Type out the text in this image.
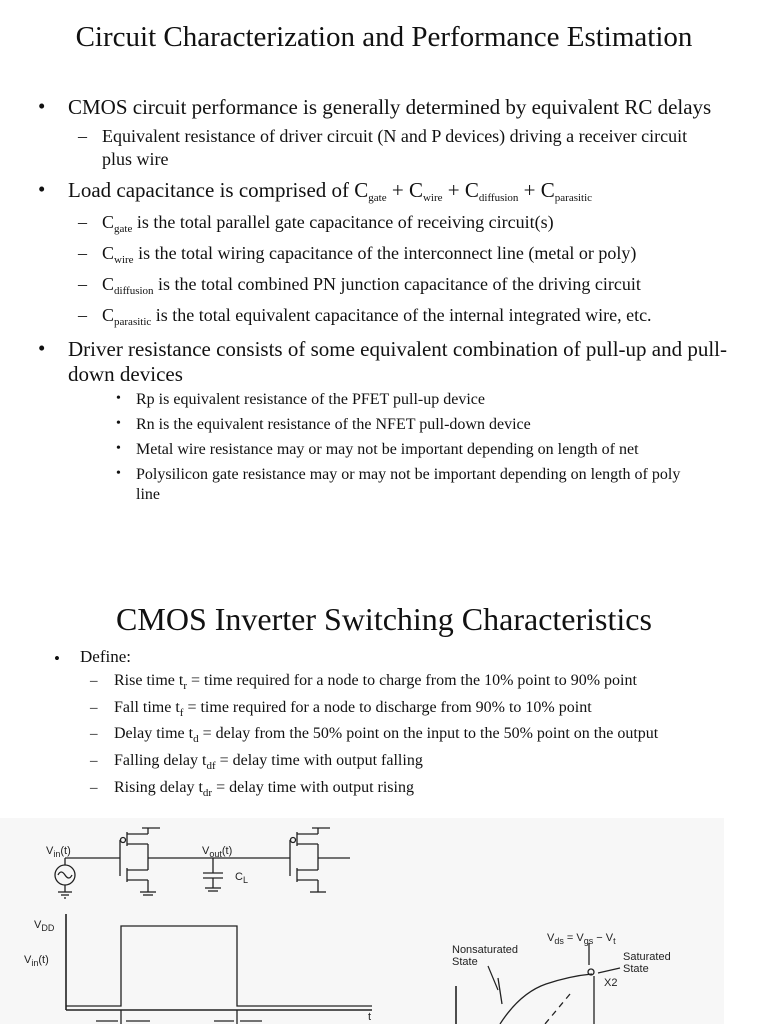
Circuit Characterization and Performance Estimation
• CMOS circuit performance is generally determined by equivalent RC delays
– Equivalent resistance of driver circuit (N and P devices) driving a receiver circuit
plus wire
• Load capacitance is comprised of $C_{gate} + C_{wire} + C_{diffusion} + C_{parasitic}$
– $C_{gate}$ is the total parallel gate capacitance of receiving circuit(s)
– $C_{wire}$ is the total wiring capacitance of the interconnect line (metal or poly)
– $C_{diffusion}$ is the total combined PN junction capacitance of the driving circuit
– $C_{parasitic}$ is the total equivalent capacitance of the internal integrated wire, etc.
• Driver resistance consists of some equivalent combination of pull-up and pull-
down devices
• Rp is equivalent resistance of the PFET pull-up device
• Rn is the equivalent resistance of the NFET pull-down device
• Metal wire resistance may or may not be important depending on length of net
• Polysilicon gate resistance may or may not be important depending on length of poly
line
CMOS Inverter Switching Characteristics
• Define:
– Rise time $t_r$ = time required for a node to charge from the 10% point to 90% point
– Fall time $t_f$ = time required for a node to discharge from 90% to 10% point
– Delay time $t_d$ = delay from the 50% point on the input to the 50% point on the output
– Falling delay $t_{df}$ = delay time with output falling
– Rising delay $t_{dr}$ = delay time with output rising
$V_{in}(t)$	$V_{out}(t)$
$C_L$
$V_{DD}$
$V_{in}(t)$
t
$V_{ds} = V_{gs} - V_t$
Nonsaturated
State	Saturated
State
X2
